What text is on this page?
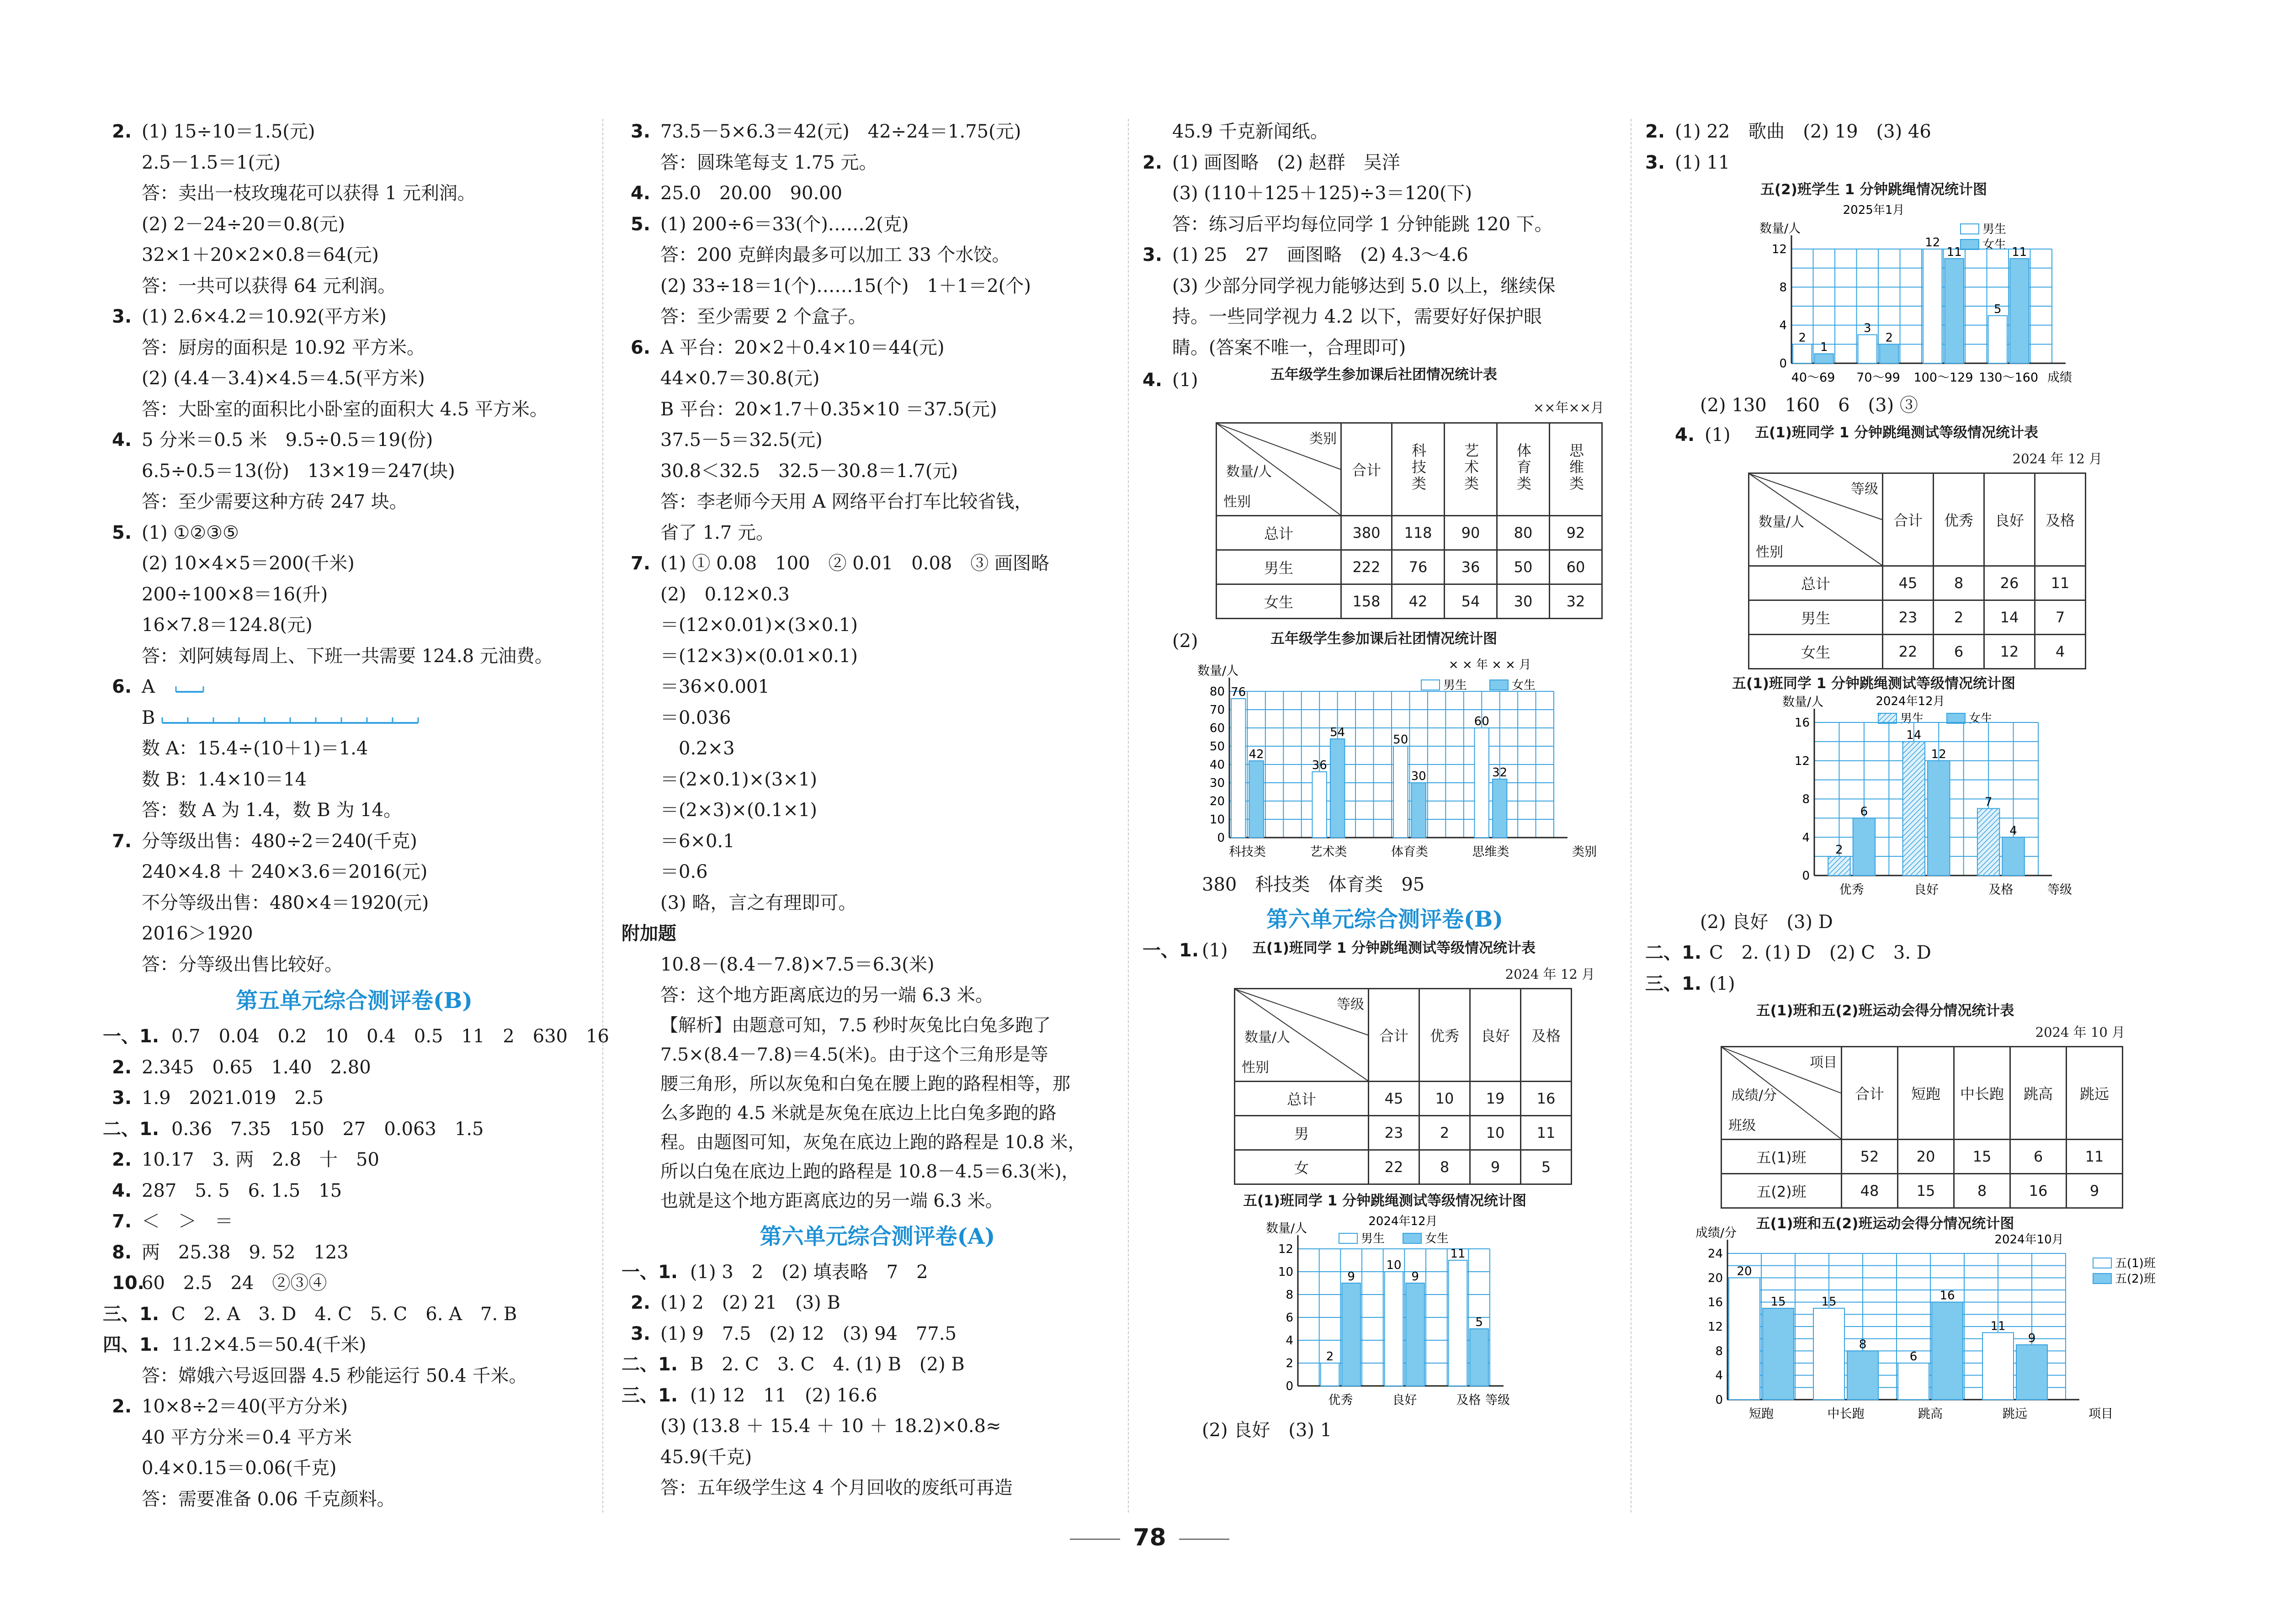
2. (1) 15÷10＝1.5(元)
2.5－1.5＝1(元)
答：卖出一枝玫瑰花可以获得 1 元利润。
(2) 2－24÷20＝0.8(元)
32×1＋20×2×0.8＝64(元)
答：一共可以获得 64 元利润。
3. (1) 2.6×4.2＝10.92(平方米)
答：厨房的面积是 10.92 平方米。
(2) (4.4－3.4)×4.5＝4.5(平方米)
答：大卧室的面积比小卧室的面积大 4.5 平方米。
4. 5 分米＝0.5 米　9.5÷0.5＝19(份)
6.5÷0.5＝13(份)　13×19＝247(块)
答：至少需要这种方砖 247 块。
5. (1) ①②③⑤
(2) 10×4×5＝200(千米)
200÷100×8＝16(升)
16×7.8＝124.8(元)
答：刘阿姨每周上、下班一共需要 124.8 元油费。
6. A
B
数 A：15.4÷(10＋1)＝1.4
数 B：1.4×10＝14
答：数 A 为 1.4，数 B 为 14。
7. 分等级出售：480÷2＝240(千克)
240×4.8 ＋ 240×3.6＝2016(元)
不分等级出售：480×4＝1920(元)
2016＞1920
答：分等级出售比较好。
第五单元综合测评卷(B)
一、1. 0.7　0.04　0.2　10　0.4　0.5　11　2　630　16
2. 2.345　0.65　1.40　2.80
3. 1.9　2021.019　2.5
二、1. 0.36　7.35　150　27　0.063　1.5
2. 10.17　3. 两　2.8　十　50
4. 287　5. 5　6. 1.5　15
7. ＜　＞　＝
8. 两　25.38　9. 52　123
10.60　2.5　24　②③④
三、1. C　2. A　3. D　4. C　5. C　6. A　7. B
四、1. 11.2×4.5＝50.4(千米)
答：嫦娥六号返回器 4.5 秒能运行 50.4 千米。
2. 10×8÷2＝40(平方分米)
40 平方分米＝0.4 平方米
0.4×0.15＝0.06(千克)
答：需要准备 0.06 千克颜料。
3. 73.5－5×6.3＝42(元)　42÷24＝1.75(元)
答：圆珠笔每支 1.75 元。
4. 25.0　20.00　90.00
5. (1) 200÷6＝33(个)……2(克)
答：200 克鲜肉最多可以加工 33 个水饺。
(2) 33÷18＝1(个)……15(个)　1＋1＝2(个)
答：至少需要 2 个盒子。
6. A 平台：20×2＋0.4×10＝44(元)
44×0.7＝30.8(元)
B 平台：20×1.7＋0.35×10 ＝37.5(元)
37.5－5＝32.5(元)
30.8＜32.5　32.5－30.8＝1.7(元)
答：李老师今天用 A 网络平台打车比较省钱，
省了 1.7 元。
7. (1) ① 0.08　100　② 0.01　0.08　③ 画图略
(2)　0.12×0.3
＝(12×0.01)×(3×0.1)
＝(12×3)×(0.01×0.1)
＝36×0.001
＝0.036
　0.2×3
＝(2×0.1)×(3×1)
＝(2×3)×(0.1×1)
＝6×0.1
＝0.6
(3) 略，言之有理即可。
附加题
10.8－(8.4－7.8)×7.5＝6.3(米)
答：这个地方距离底边的另一端 6.3 米。
【解析】由题意可知，7.5 秒时灰兔比白兔多跑了
7.5×(8.4－7.8)＝4.5(米)。由于这个三角形是等
腰三角形，所以灰兔和白兔在腰上跑的路程相等，那
么多跑的 4.5 米就是灰兔在底边上比白兔多跑的路
程。由题图可知，灰兔在底边上跑的路程是 10.8 米，
所以白兔在底边上跑的路程是 10.8－4.5＝6.3(米)，
也就是这个地方距离底边的另一端 6.3 米。
第六单元综合测评卷(A)
一、1. (1) 3　2　(2) 填表略　7　2
2. (1) 2　(2) 21　(3) B
3. (1) 9　7.5　(2) 12　(3) 94　77.5
二、1. B　2. C　3. C　4. (1) B　(2) B
三、1. (1) 12　11　(2) 16.6
(3) (13.8 ＋ 15.4 ＋ 10 ＋ 18.2)×0.8≈
45.9(千克)
答：五年级学生这 4 个月回收的废纸可再造
45.9 千克新闻纸。
2. (1) 画图略　(2) 赵群　吴洋
(3) (110＋125＋125)÷3＝120(下)
答：练习后平均每位同学 1 分钟能跳 120 下。
3. (1) 25　27　画图略　(2) 4.3～4.6
(3) 少部分同学视力能够达到 5.0 以上，继续保
持。一些同学视力 4.2 以下，需要好好保护眼
睛。(答案不唯一，合理即可)
4. (1)	五年级学生参加课后社团情况统计表
××年××月
类别
数量/人
性别	合计	科技类	艺术类	体育类	思维类
总计	380	118	90	80	92
男生	222	76	36	50	60
女生	158	42	54	30	32
(2)	五年级学生参加课后社团情况统计图
× × 年 × × 月
男生	女生
0
10
20
30
40
50
60
70
80
数量/人
类别
76
42
科技类
36
54
艺术类
50
30
体育类
60
32
思维类
380　科技类　体育类　95
第六单元综合测评卷(B)
一、1. (1) 五(1)班同学 1 分钟跳绳测试等级情况统计表
2024 年 12 月
等级
数量/人
性别	合计	优秀	良好	及格
总计	45	10	19	16
男	23	2	10	11
女	22	8	9	5
五(1)班同学 1 分钟跳绳测试等级情况统计图
2024年12月
男生	女生
0
2
4
6
8
10
12
数量/人
等级
2
9
优秀
10
9
良好
11
5
及格
(2) 良好　(3) 1
2. (1) 22　歌曲　(2) 19　(3) 46
3. (1) 11
五(2)班学生 1 分钟跳绳情况统计图
2025年1月
男生
女生
0
4
8
12
数量/人
成绩
2
1
40～69
3
2
70～99
12
11
100～129
5
11
130～160
(2) 130　160　6　(3) ③
4. (1) 五(1)班同学 1 分钟跳绳测试等级情况统计表
2024 年 12 月
等级
数量/人
性别	合计	优秀	良好	及格
总计	45	8	26	11
男生	23	2	14	7
女生	22	6	12	4
五(1)班同学 1 分钟跳绳测试等级情况统计图
2024年12月
男生	女生
0
4
8
12
16
数量/人
等级
2
6
优秀
14
12
良好
7
4
及格
(2) 良好　(3) D
二、1. C　2. (1) D　(2) C　3. D
三、1. (1)
五(1)班和五(2)班运动会得分情况统计表
2024 年 10 月
项目
成绩/分
班级	合计	短跑	中长跑	跳高	跳远
五(1)班	52	20	15	6	11
五(2)班	48	15	8	16	9
五(1)班和五(2)班运动会得分情况统计图
2024年10月
五(1)班
五(2)班
0
4
8
12
16
20
24
成绩/分
项目
20
15
短跑
15
8
中长跑
6
16
跳高
11
9
跳远
78
